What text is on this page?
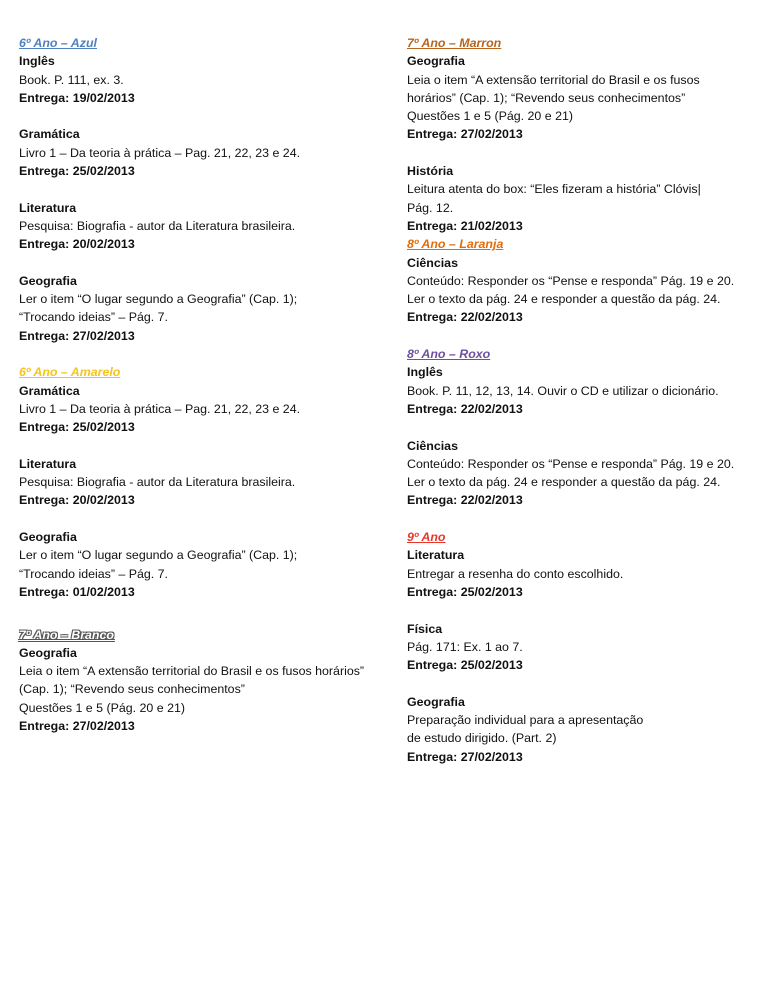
6º Ano – Azul
Inglês
Book. P. 111, ex. 3.
Entrega: 19/02/2013
Gramática
Livro 1 – Da teoria à prática – Pag. 21, 22, 23 e 24.
Entrega: 25/02/2013
Literatura
Pesquisa: Biografia - autor da Literatura brasileira.
Entrega: 20/02/2013
Geografia
Ler o item “O lugar segundo a Geografia” (Cap. 1);
“Trocando ideias” – Pág. 7.
Entrega: 27/02/2013
6º Ano – Amarelo
Gramática
Livro 1 – Da teoria à prática – Pag. 21, 22, 23 e 24.
Entrega: 25/02/2013
Literatura
Pesquisa: Biografia - autor da Literatura brasileira.
Entrega: 20/02/2013
Geografia
Ler o item “O lugar segundo a Geografia” (Cap. 1);
“Trocando ideias” – Pág. 7.
Entrega: 01/02/2013
7º Ano – Branco
Geografia
Leia o item “A extensão territorial do Brasil e os fusos horários”
(Cap. 1); “Revendo seus conhecimentos”
Questões 1 e 5 (Pág. 20 e 21)
Entrega: 27/02/2013
7º Ano – Marron
Geografia
Leia o item “A extensão territorial do Brasil e os fusos
horários” (Cap. 1); “Revendo seus conhecimentos”
Questões 1 e 5 (Pág. 20 e 21)
Entrega: 27/02/2013
História
Leitura atenta do box: “Eles fizeram a história” Clóvis|
Pág. 12.
Entrega: 21/02/2013
8º Ano – Laranja
Ciências
Conteúdo: Responder os “Pense e responda” Pág. 19 e 20.
Ler o texto da pág. 24 e responder a questão da pág. 24.
Entrega: 22/02/2013
8º Ano – Roxo
Inglês
Book. P. 11, 12, 13, 14. Ouvir o CD e utilizar o dicionário.
Entrega: 22/02/2013
Ciências
Conteúdo: Responder os “Pense e responda” Pág. 19 e 20.
Ler o texto da pág. 24 e responder a questão da pág. 24.
Entrega: 22/02/2013
9º Ano
Literatura
Entregar a resenha do conto escolhido.
Entrega: 25/02/2013
Física
Pág. 171: Ex. 1 ao 7.
Entrega: 25/02/2013
Geografia
Preparação individual para a apresentação
de estudo dirigido. (Part. 2)
Entrega: 27/02/2013
